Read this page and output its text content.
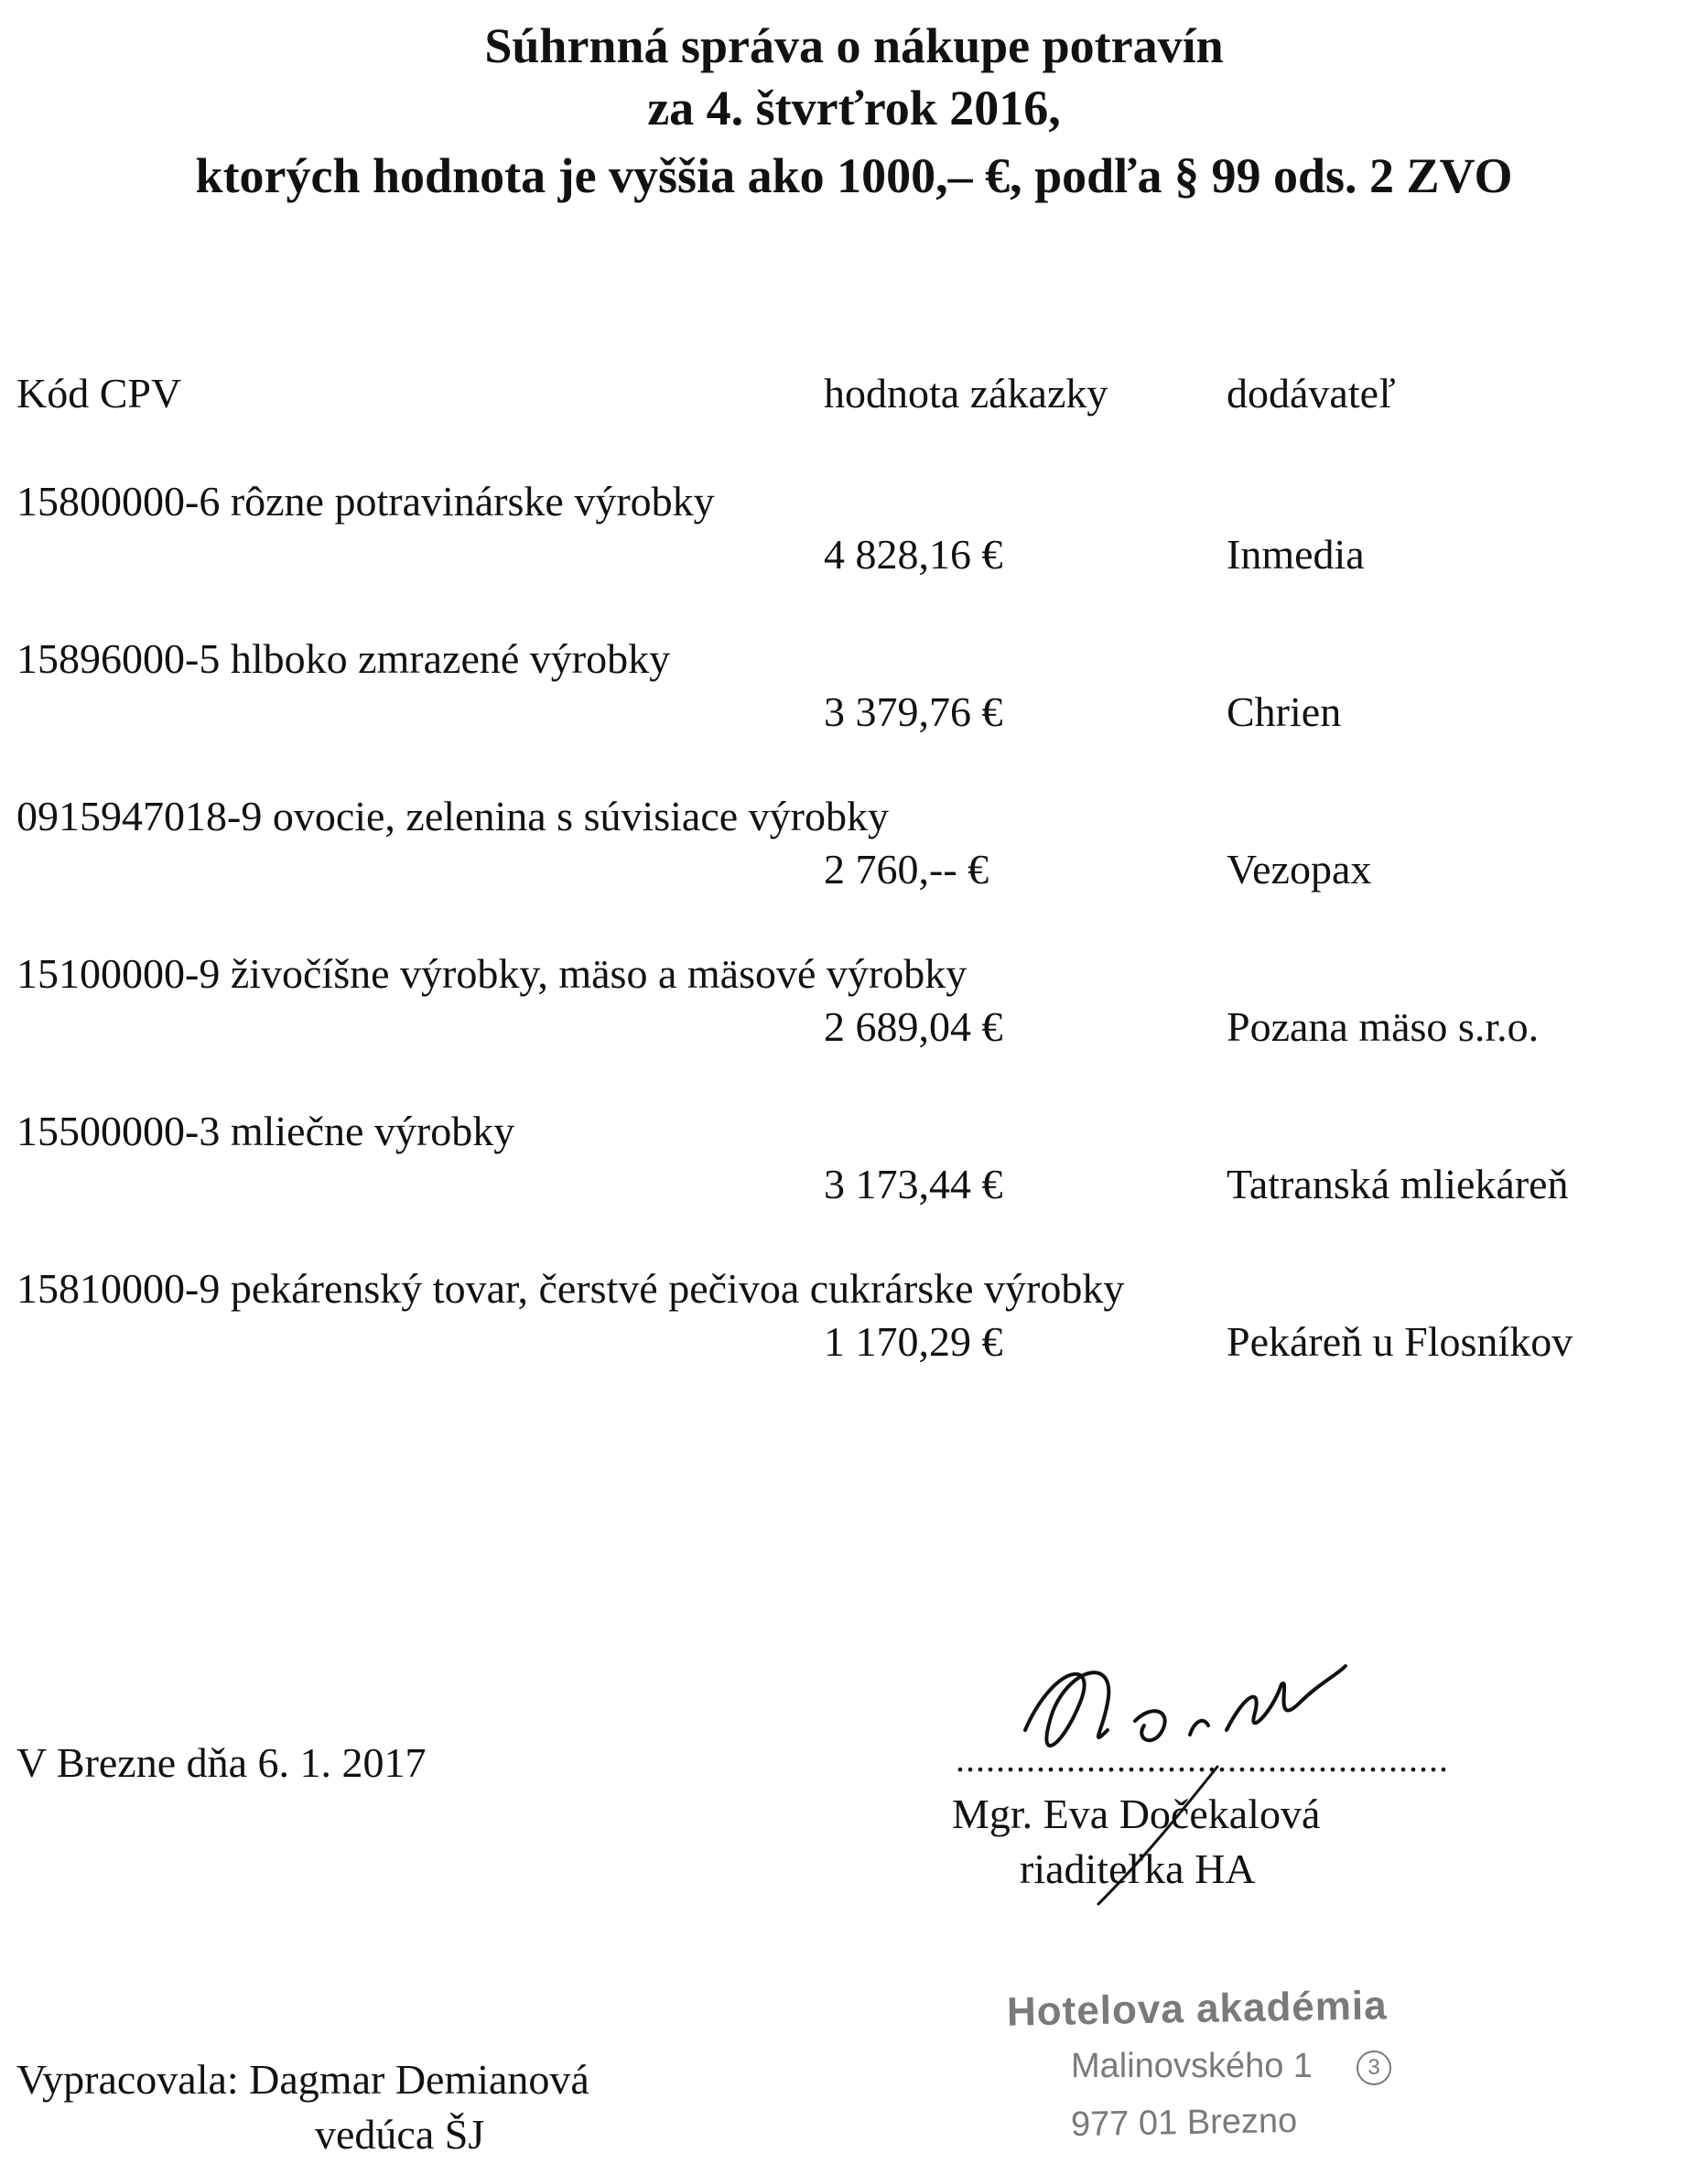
Súhrnná správa o nákupe potravín
za 4. štvrťrok 2016,
ktorých hodnota je vyššia ako 1000,– €, podľa § 99 ods. 2 ZVO
Kód CPV	hodnota zákazky	dodávateľ
15800000-6 rôzne potravinárske výrobky
4 828,16 €	Inmedia
15896000-5 hlboko zmrazené výrobky
3 379,76 €	Chrien
0915947018-9 ovocie, zelenina s súvisiace výrobky
2 760,-- €	Vezopax
15100000-9 živočíšne výrobky, mäso a mäsové výrobky
2 689,04 €	Pozana mäso s.r.o.
15500000-3 mliečne výrobky
3 173,44 €	Tatranská mliekáreň
15810000-9 pekárenský tovar, čerstvé pečivoa cukrárske výrobky
1 170,29 €	Pekáreň u Flosníkov
V Brezne dňa 6. 1. 2017	.................................................
Mgr. Eva Dočekalová
riaditeľka HA
Vypracovala: Dagmar Demianová
vedúca ŠJ
Hotelova akadémia
Malinovského 1	3
977 01 Brezno
